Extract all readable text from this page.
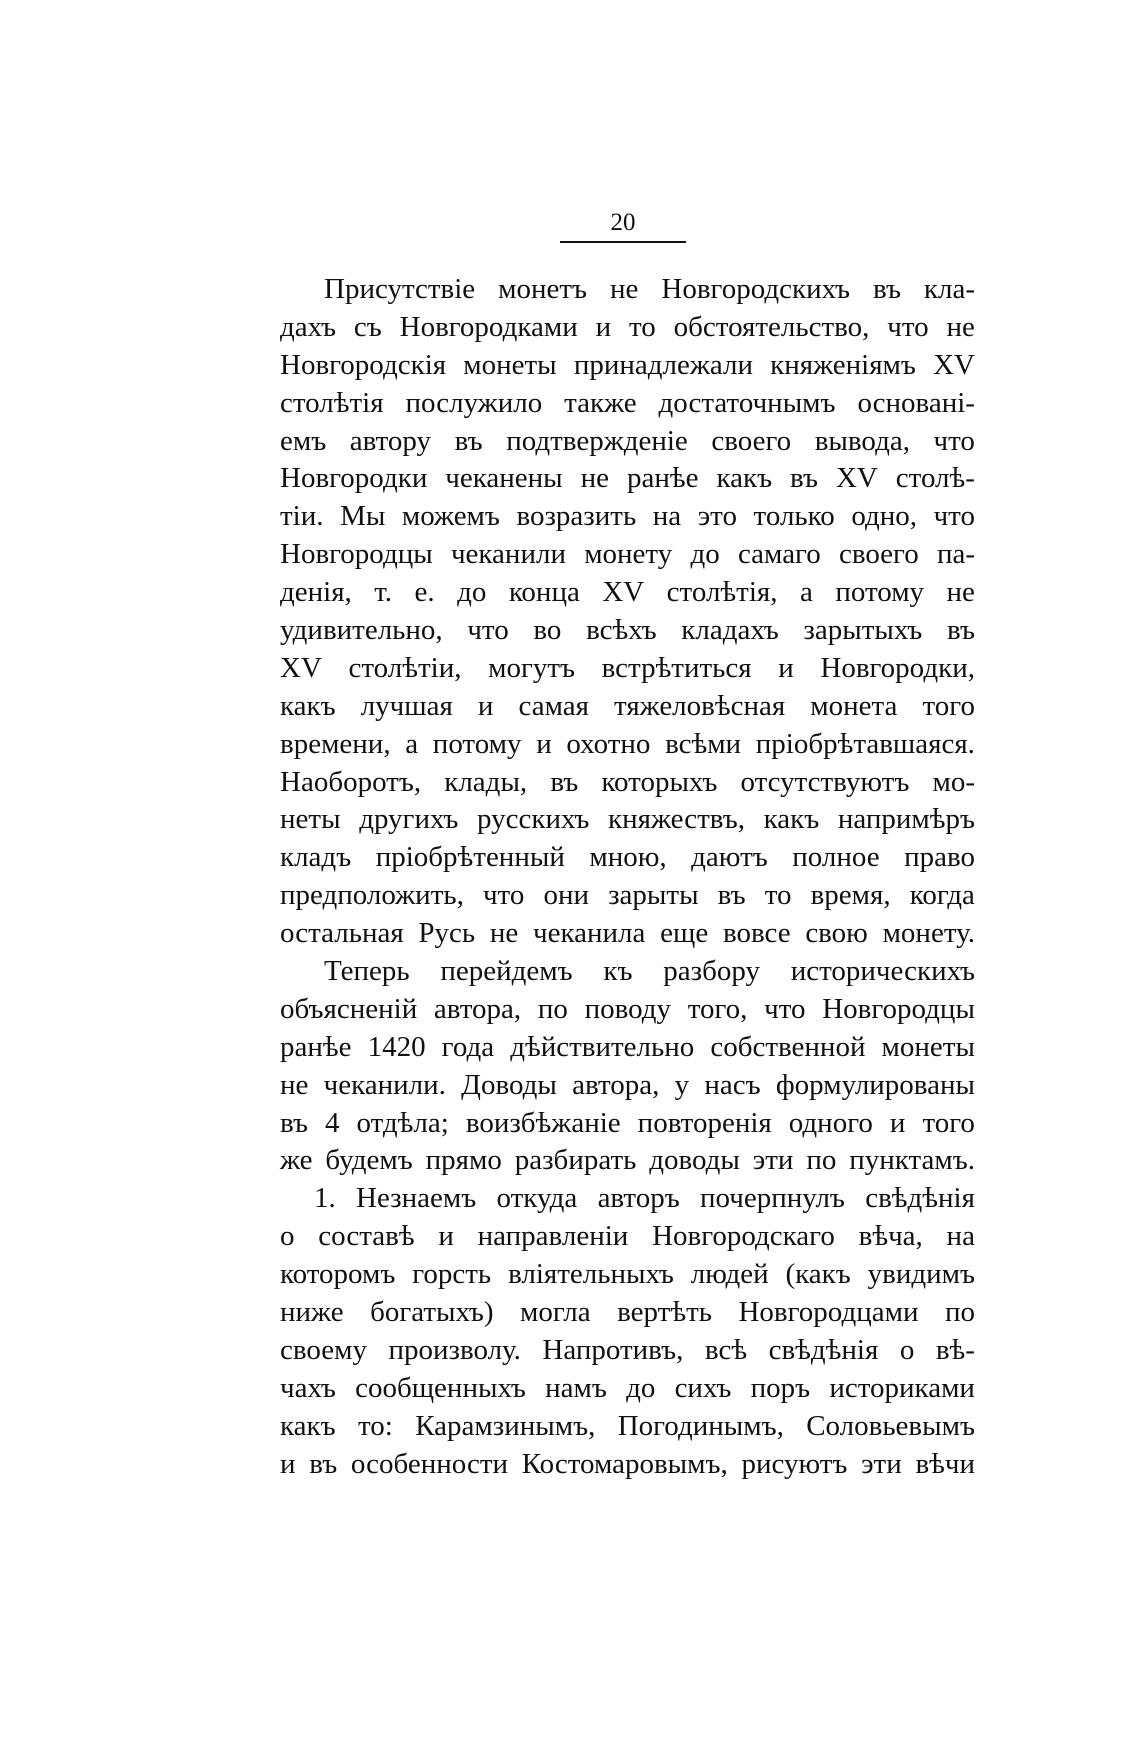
20
Присутствіе монетъ не Новгородскихъ въ кла-
дахъ съ Новгородками и то обстоятельство, что не
Новгородскія монеты принадлежали княженіямъ XV
столѣтія послужило также достаточнымъ основані-
емъ автору въ подтвержденіе своего вывода, что
Новгородки чеканены не ранѣе какъ въ XV столѣ-
тіи. Мы можемъ возразить на это только одно, что
Новгородцы чеканили монету до самаго своего па-
денія, т. е. до конца XV столѣтія, а потому не
удивительно, что во всѣхъ кладахъ зарытыхъ въ
XV столѣтіи, могутъ встрѣтиться и Новгородки,
какъ лучшая и самая тяжеловѣсная монета того
времени, а потому и охотно всѣми пріобрѣтавшаяся.
Наоборотъ, клады, въ которыхъ отсутствуютъ мо-
неты другихъ русскихъ княжествъ, какъ напримѣръ
кладъ пріобрѣтенный мною, даютъ полное право
предположить, что они зарыты въ то время, когда
остальная Русь не чеканила еще вовсе свою монету.
Теперь перейдемъ къ разбору историческихъ
объясненій автора, по поводу того, что Новгородцы
ранѣе 1420 года дѣйствительно собственной монеты
не чеканили. Доводы автора, у насъ формулированы
въ 4 отдѣла; воизбѣжаніе повторенія одного и того
же будемъ прямо разбирать доводы эти по пунктамъ.
1. Незнаемъ откуда авторъ почерпнулъ свѣдѣнія
о составѣ и направленіи Новгородскаго вѣча, на
которомъ горсть вліятельныхъ людей (какъ увидимъ
ниже богатыхъ) могла вертѣть Новгородцами по
своему произволу. Напротивъ, всѣ свѣдѣнія о вѣ-
чахъ сообщенныхъ намъ до сихъ поръ историками
какъ то: Карамзинымъ, Погодинымъ, Соловьевымъ
и въ особенности Костомаровымъ, рисуютъ эти вѣчи
